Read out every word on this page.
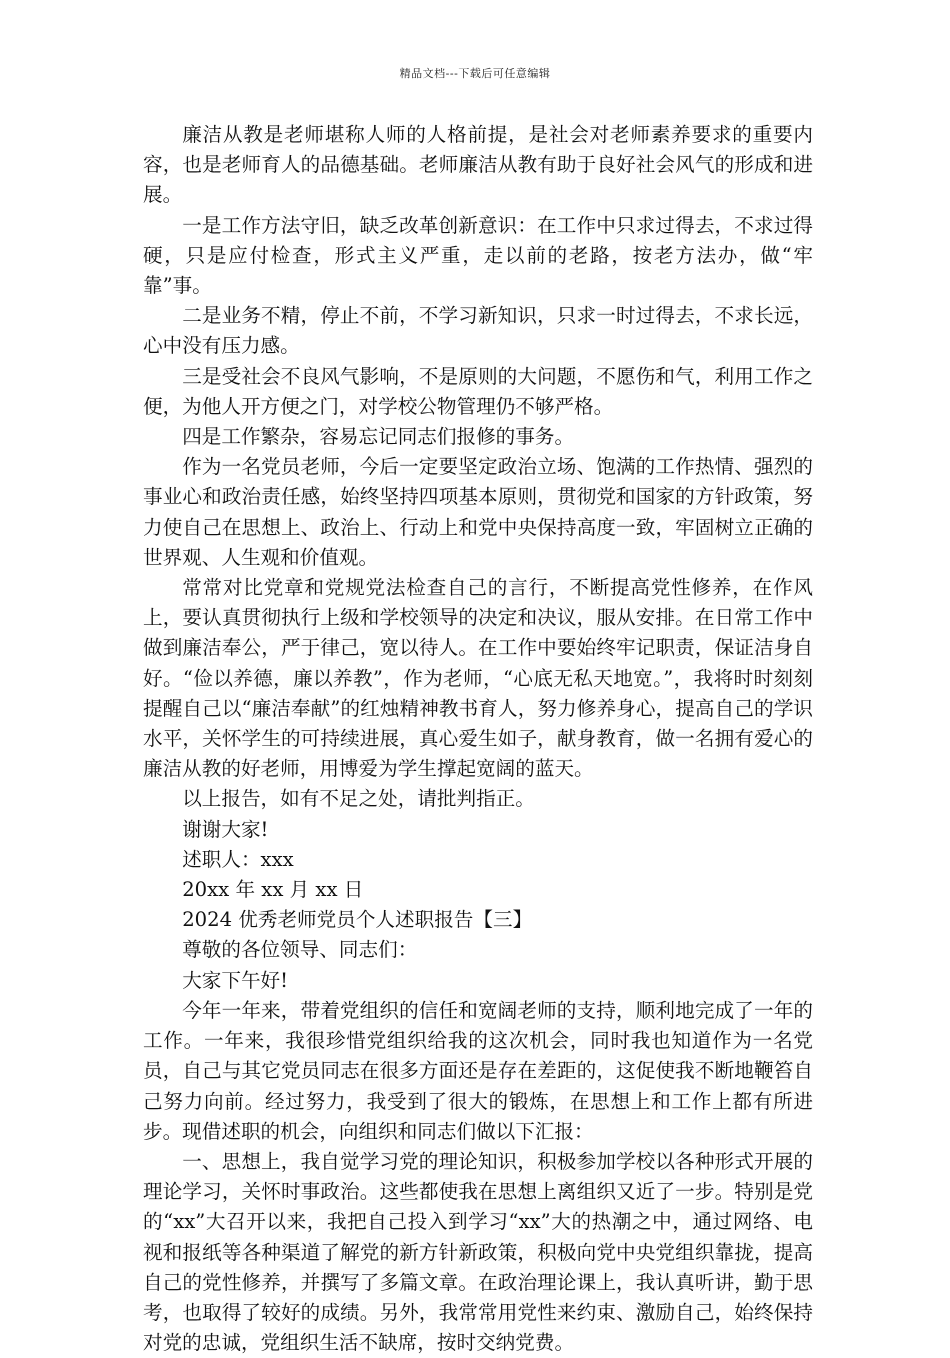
精品文档---下载后可任意编辑

廉洁从教是老师堪称人师的人格前提，是社会对老师素养要求的重要内容，也是老师育人的品德基础。老师廉洁从教有助于良好社会风气的形成和进展。

一是工作方法守旧，缺乏改革创新意识：在工作中只求过得去，不求过得硬，只是应付检查，形式主义严重，走以前的老路，按老方法办，做“牢靠”事。

二是业务不精，停止不前，不学习新知识，只求一时过得去，不求长远，心中没有压力感。

三是受社会不良风气影响，不是原则的大问题，不愿伤和气，利用工作之便，为他人开方便之门，对学校公物管理仍不够严格。

四是工作繁杂，容易忘记同志们报修的事务。

作为一名党员老师，今后一定要坚定政治立场、饱满的工作热情、强烈的事业心和政治责任感，始终坚持四项基本原则，贯彻党和国家的方针政策，努力使自己在思想上、政治上、行动上和党中央保持高度一致，牢固树立正确的世界观、人生观和价值观。

常常对比党章和党规党法检查自己的言行，不断提高党性修养，在作风上，要认真贯彻执行上级和学校领导的决定和决议，服从安排。在日常工作中做到廉洁奉公，严于律己，宽以待人。在工作中要始终牢记职责，保证洁身自好。“俭以养德，廉以养教”，作为老师，“心底无私天地宽。”，我将时时刻刻提醒自己以“廉洁奉献”的红烛精神教书育人，努力修养身心，提高自己的学识水平，关怀学生的可持续进展，真心爱生如子，献身教育，做一名拥有爱心的廉洁从教的好老师，用博爱为学生撑起宽阔的蓝天。

以上报告，如有不足之处，请批判指正。

谢谢大家!

述职人：xxx

20xx 年 xx 月 xx 日

2024 优秀老师党员个人述职报告【三】

尊敬的各位领导、同志们：

大家下午好!

今年一年来，带着党组织的信任和宽阔老师的支持，顺利地完成了一年的工作。一年来，我很珍惜党组织给我的这次机会，同时我也知道作为一名党员，自己与其它党员同志在很多方面还是存在差距的，这促使我不断地鞭笞自己努力向前。经过努力，我受到了很大的锻炼，在思想上和工作上都有所进步。现借述职的机会，向组织和同志们做以下汇报：

一、思想上，我自觉学习党的理论知识，积极参加学校以各种形式开展的理论学习，关怀时事政治。这些都使我在思想上离组织又近了一步。特别是党的“xx”大召开以来，我把自己投入到学习“xx”大的热潮之中，通过网络、电视和报纸等各种渠道了解党的新方针新政策，积极向党中央党组织靠拢，提高自己的党性修养，并撰写了多篇文章。在政治理论课上，我认真听讲，勤于思考，也取得了较好的成绩。另外，我常常用党性来约束、激励自己，始终保持对党的忠诚，党组织生活不缺席，按时交纳党费。
